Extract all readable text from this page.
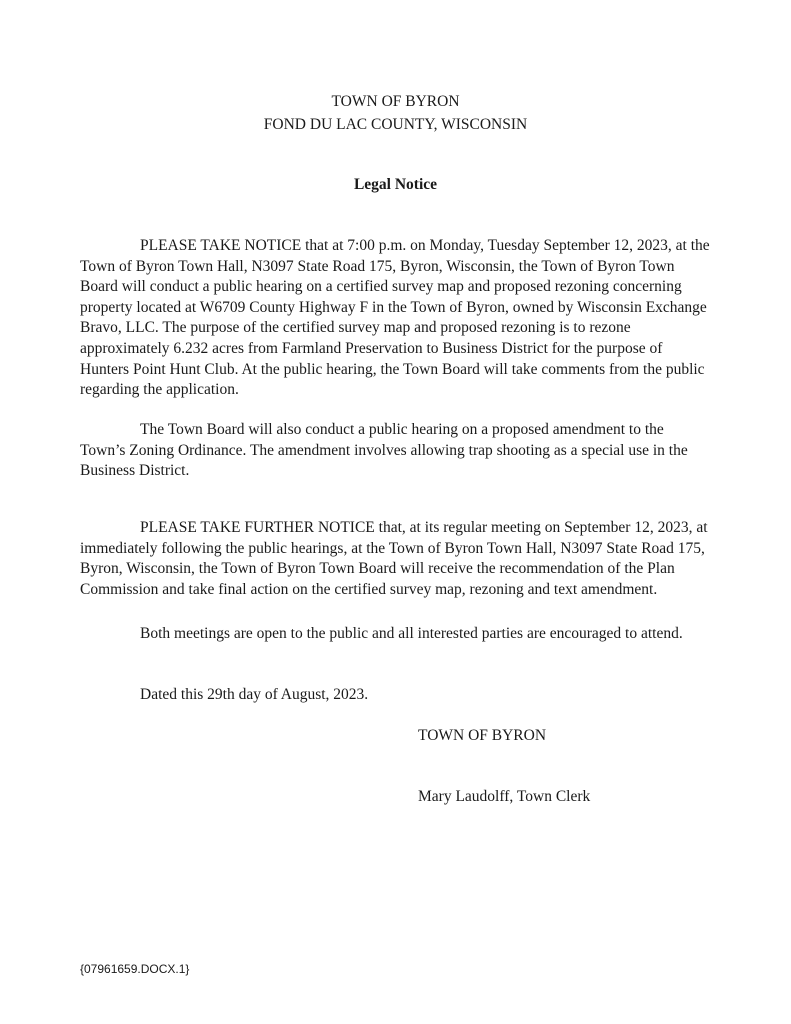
TOWN OF BYRON
FOND DU LAC COUNTY, WISCONSIN
Legal Notice

PLEASE TAKE NOTICE that at 7:00 p.m. on Monday, Tuesday September 12, 2023, at the Town of Byron Town Hall, N3097 State Road 175, Byron, Wisconsin, the Town of Byron Town Board will conduct a public hearing on a certified survey map and proposed rezoning concerning property located at W6709 County Highway F in the Town of Byron, owned by Wisconsin Exchange Bravo, LLC. The purpose of the certified survey map and proposed rezoning is to rezone approximately 6.232 acres from Farmland Preservation to Business District for the purpose of Hunters Point Hunt Club. At the public hearing, the Town Board will take comments from the public regarding the application.

The Town Board will also conduct a public hearing on a proposed amendment to the Town’s Zoning Ordinance. The amendment involves allowing trap shooting as a special use in the Business District.

PLEASE TAKE FURTHER NOTICE that, at its regular meeting on September 12, 2023, at immediately following the public hearings, at the Town of Byron Town Hall, N3097 State Road 175, Byron, Wisconsin, the Town of Byron Town Board will receive the recommendation of the Plan Commission and take final action on the certified survey map, rezoning and text amendment.

Both meetings are open to the public and all interested parties are encouraged to attend.

Dated this 29th day of August, 2023.

TOWN OF BYRON
Mary Laudolff, Town Clerk
{07961659.DOCX.1}
